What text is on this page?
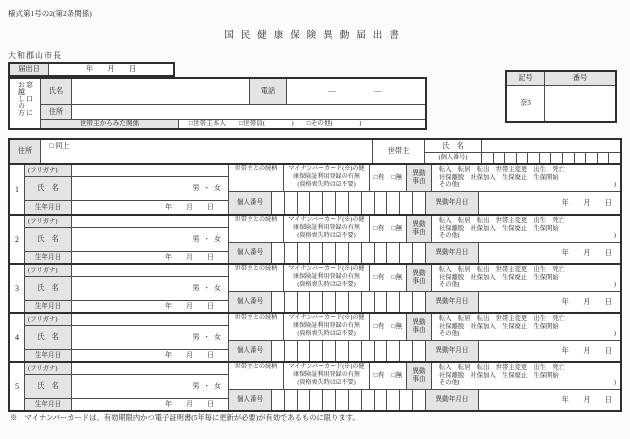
様式第1号の2(第2条関係)
国民健康保険異動届出書
大和郡山市長
届出日	年　　月　　日
お越しの方 窓口に	氏名	電話	―　　　　―
住所
世帯主からみた関係	□世帯主本人　　□世帯員(　　　　)　　□その他(　　　　)
記号	番号
奈3
住所
□ 同上
世帯主
氏　名
(個人番号)
1
(フリガナ)
氏　名	男 ・ 女
生年月日	年　　月　　日
世帯主との続柄	マイナンバーカード(※)の健
康保険証利用登録の有無
(資格喪失時は☑不要)
□有　□無
異動
事由
転入　転居　転出　世帯主変更　出生　死亡
社保離脱　社保加入　生保廃止　生保開始
その他(	)
個人番号	異動年月日	年　　月　　日
2
(フリガナ)
氏　名	男 ・ 女
生年月日	年　　月　　日
世帯主との続柄	マイナンバーカード(※)の健
康保険証利用登録の有無
(資格喪失時は☑不要)
□有　□無
異動
事由
転入　転居　転出　世帯主変更　出生　死亡
社保離脱　社保加入　生保廃止　生保開始
その他(	)
個人番号	異動年月日	年　　月　　日
3
(フリガナ)
氏　名	男 ・ 女
生年月日	年　　月　　日
世帯主との続柄	マイナンバーカード(※)の健
康保険証利用登録の有無
(資格喪失時は☑不要)
□有　□無
異動
事由
転入　転居　転出　世帯主変更　出生　死亡
社保離脱　社保加入　生保廃止　生保開始
その他(	)
個人番号	異動年月日	年　　月　　日
4
(フリガナ)
氏　名	男 ・ 女
生年月日	年　　月　　日
世帯主との続柄	マイナンバーカード(※)の健
康保険証利用登録の有無
(資格喪失時は☑不要)
□有　□無
異動
事由
転入　転居　転出　世帯主変更　出生　死亡
社保離脱　社保加入　生保廃止　生保開始
その他(	)
個人番号	異動年月日	年　　月　　日
5
(フリガナ)
氏　名	男 ・ 女
生年月日	年　　月　　日
世帯主との続柄	マイナンバーカード(※)の健
康保険証利用登録の有無
(資格喪失時は☑不要)
□有　□無
異動
事由
転入　転居　転出　世帯主変更　出生　死亡
社保離脱　社保加入　生保廃止　生保開始
その他(	)
個人番号	異動年月日	年　　月　　日
※　マイナンバーカードは、有効期限内かつ電子証明書(5年毎に更新が必要)が有効であるものに限ります。
